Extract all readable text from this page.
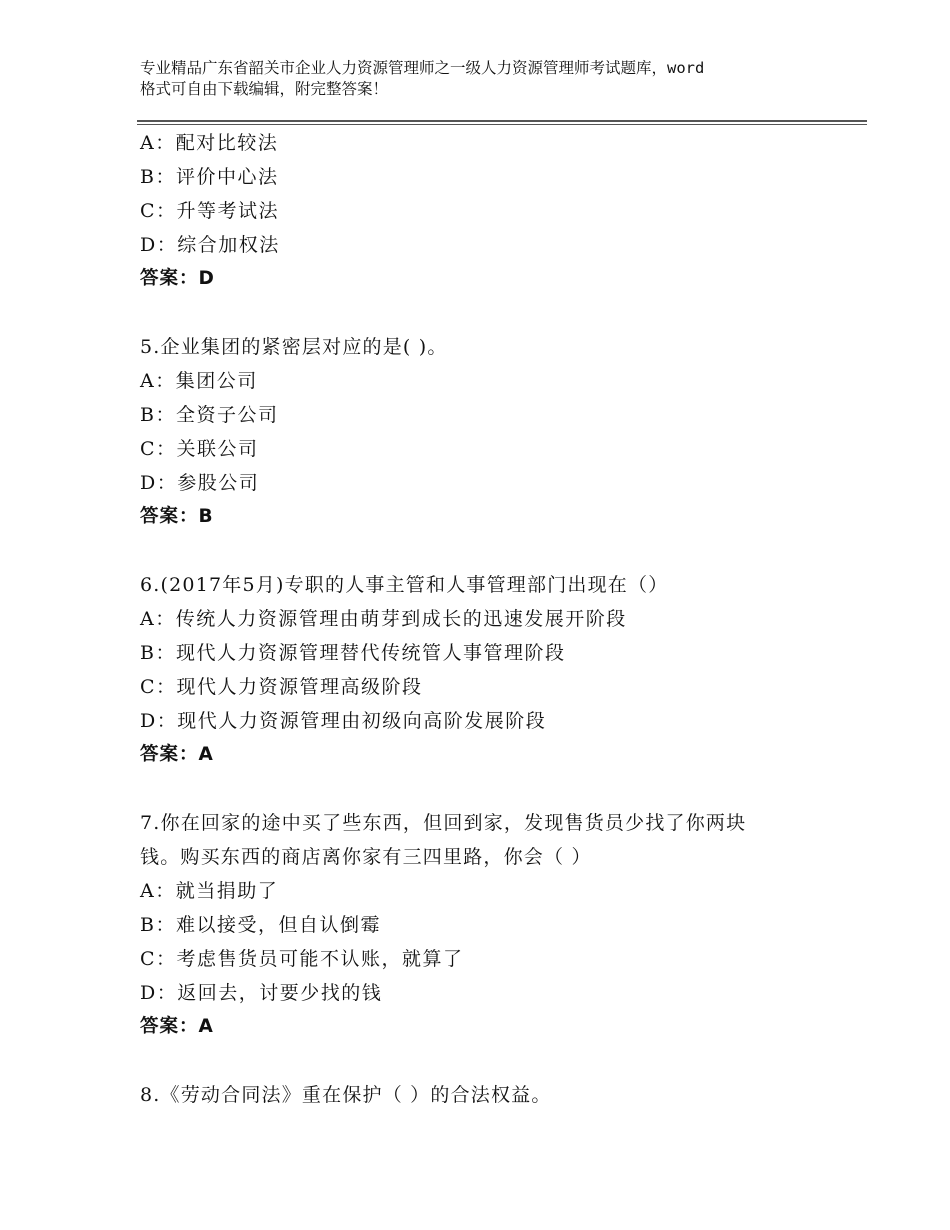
专业精品广东省韶关市企业人力资源管理师之一级人力资源管理师考试题库，word
格式可自由下载编辑，附完整答案！
A：配对比较法
B：评价中心法
C：升等考试法
D：综合加权法
答案：D
5.企业集团的紧密层对应的是( )。
A：集团公司
B：全资子公司
C：关联公司
D：参股公司
答案：B
6.(2017年5月)专职的人事主管和人事管理部门出现在（）
A：传统人力资源管理由萌芽到成长的迅速发展开阶段
B：现代人力资源管理替代传统管人事管理阶段
C：现代人力资源管理高级阶段
D：现代人力资源管理由初级向高阶发展阶段
答案：A
7.你在回家的途中买了些东西，但回到家，发现售货员少找了你两块
钱。购买东西的商店离你家有三四里路，你会（ ）
A：就当捐助了
B：难以接受，但自认倒霉
C：考虑售货员可能不认账，就算了
D：返回去，讨要少找的钱
答案：A
8.《劳动合同法》重在保护（ ）的合法权益。
